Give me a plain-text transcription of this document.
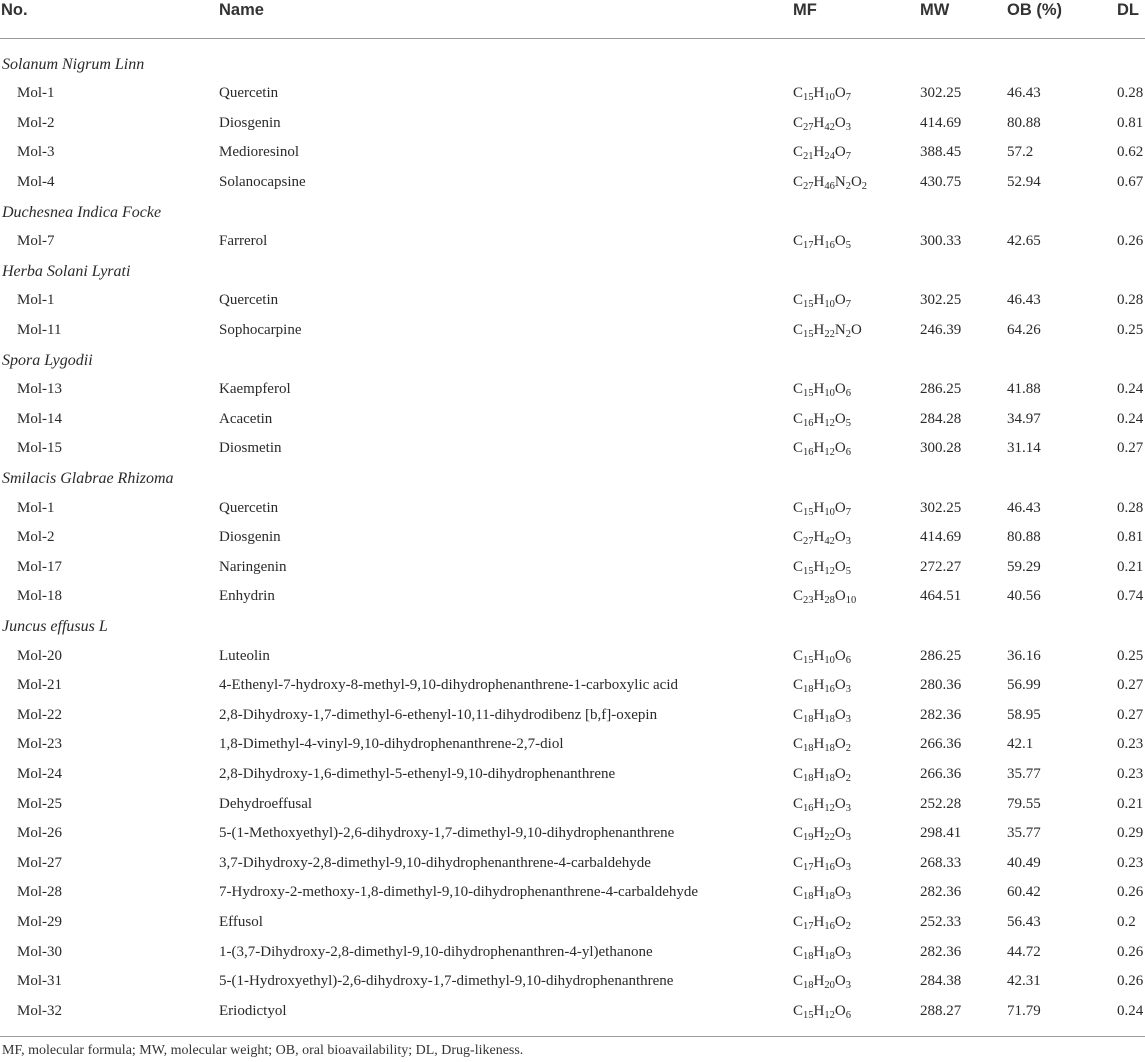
No.	Name	MF	MW	OB (%)	DL
Solanum Nigrum Linn
Mol-1	Quercetin	$C_{15}H_{10}O_7$	302.25	46.43	0.28
Mol-2	Diosgenin	$C_{27}H_{42}O_3$	414.69	80.88	0.81
Mol-3	Medioresinol	$C_{21}H_{24}O_7$	388.45	57.2	0.62
Mol-4	Solanocapsine	$C_{27}H_{46}N_2O_2$	430.75	52.94	0.67
Duchesnea Indica Focke
Mol-7	Farrerol	$C_{17}H_{16}O_5$	300.33	42.65	0.26
Herba Solani Lyrati
Mol-1	Quercetin	$C_{15}H_{10}O_7$	302.25	46.43	0.28
Mol-11	Sophocarpine	$C_{15}H_{22}N_2O$	246.39	64.26	0.25
Spora Lygodii
Mol-13	Kaempferol	$C_{15}H_{10}O_6$	286.25	41.88	0.24
Mol-14	Acacetin	$C_{16}H_{12}O_5$	284.28	34.97	0.24
Mol-15	Diosmetin	$C_{16}H_{12}O_6$	300.28	31.14	0.27
Smilacis Glabrae Rhizoma
Mol-1	Quercetin	$C_{15}H_{10}O_7$	302.25	46.43	0.28
Mol-2	Diosgenin	$C_{27}H_{42}O_3$	414.69	80.88	0.81
Mol-17	Naringenin	$C_{15}H_{12}O_5$	272.27	59.29	0.21
Mol-18	Enhydrin	$C_{23}H_{28}O_{10}$	464.51	40.56	0.74
Juncus effusus L
Mol-20	Luteolin	$C_{15}H_{10}O_6$	286.25	36.16	0.25
Mol-21	4-Ethenyl-7-hydroxy-8-methyl-9,10-dihydrophenanthrene-1-carboxylic acid	$C_{18}H_{16}O_3$	280.36	56.99	0.27
Mol-22	2,8-Dihydroxy-1,7-dimethyl-6-ethenyl-10,11-dihydrodibenz [b,f]-oxepin	$C_{18}H_{18}O_3$	282.36	58.95	0.27
Mol-23	1,8-Dimethyl-4-vinyl-9,10-dihydrophenanthrene-2,7-diol	$C_{18}H_{18}O_2$	266.36	42.1	0.23
Mol-24	2,8-Dihydroxy-1,6-dimethyl-5-ethenyl-9,10-dihydrophenanthrene	$C_{18}H_{18}O_2$	266.36	35.77	0.23
Mol-25	Dehydroeffusal	$C_{16}H_{12}O_3$	252.28	79.55	0.21
Mol-26	5-(1-Methoxyethyl)-2,6-dihydroxy-1,7-dimethyl-9,10-dihydrophenanthrene	$C_{19}H_{22}O_3$	298.41	35.77	0.29
Mol-27	3,7-Dihydroxy-2,8-dimethyl-9,10-dihydrophenanthrene-4-carbaldehyde	$C_{17}H_{16}O_3$	268.33	40.49	0.23
Mol-28	7-Hydroxy-2-methoxy-1,8-dimethyl-9,10-dihydrophenanthrene-4-carbaldehyde	$C_{18}H_{18}O_3$	282.36	60.42	0.26
Mol-29	Effusol	$C_{17}H_{16}O_2$	252.33	56.43	0.2
Mol-30	1-(3,7-Dihydroxy-2,8-dimethyl-9,10-dihydrophenanthren-4-yl)ethanone	$C_{18}H_{18}O_3$	282.36	44.72	0.26
Mol-31	5-(1-Hydroxyethyl)-2,6-dihydroxy-1,7-dimethyl-9,10-dihydrophenanthrene	$C_{18}H_{20}O_3$	284.38	42.31	0.26
Mol-32	Eriodictyol	$C_{15}H_{12}O_6$	288.27	71.79	0.24
MF, molecular formula; MW, molecular weight; OB, oral bioavailability; DL, Drug-likeness.
